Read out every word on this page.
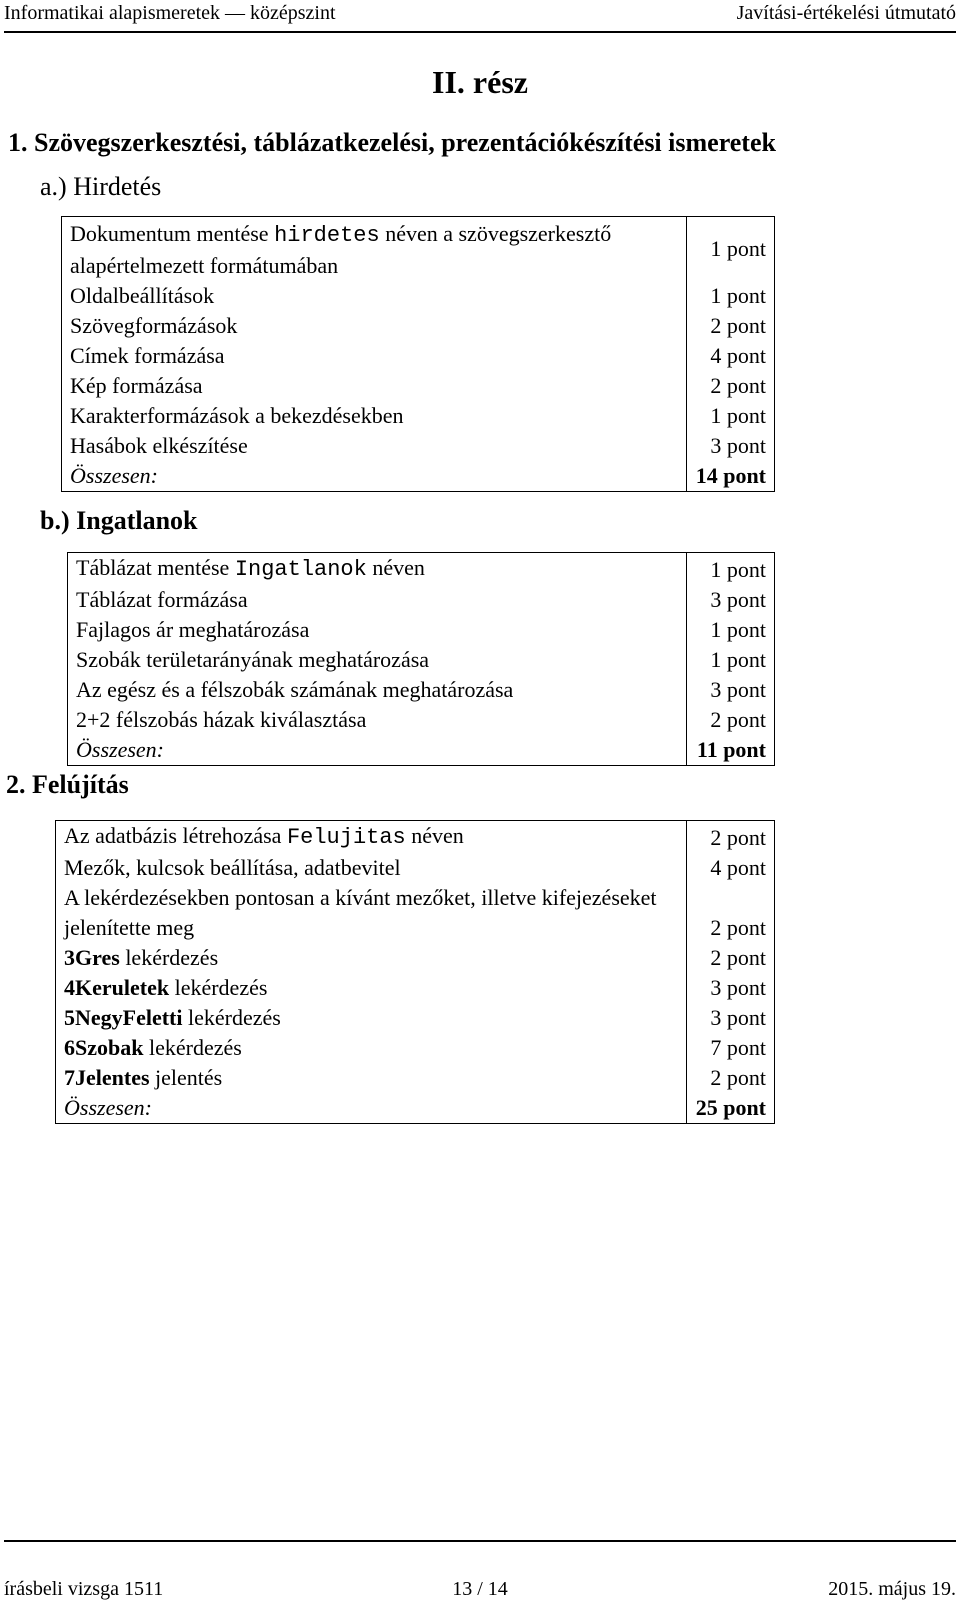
Informatikai alapismeretek — középszint	Javítási-értékelési útmutató
II. rész
1. Szövegszerkesztési, táblázatkezelési, prezentációkészítési ismeretek
a.) Hirdetés
Dokumentum mentése hirdetes néven a szövegszerkesztő alapértelmezett formátumában	1 pont
Oldalbeállítások	1 pont
Szövegformázások	2 pont
Címek formázása	4 pont
Kép formázása	2 pont
Karakterformázások a bekezdésekben	1 pont
Hasábok elkészítése	3 pont
Összesen:	14 pont
b.) Ingatlanok
Táblázat mentése Ingatlanok néven	1 pont
Táblázat formázása	3 pont
Fajlagos ár meghatározása	1 pont
Szobák területarányának meghatározása	1 pont
Az egész és a félszobák számának meghatározása	3 pont
2+2 félszobás házak kiválasztása	2 pont
Összesen:	11 pont
2. Felújítás
Az adatbázis létrehozása Felujitas néven	2 pont
Mezők, kulcsok beállítása, adatbevitel	4 pont
A lekérdezésekben pontosan a kívánt mezőket, illetve kifejezéseket jelenítette meg	2 pont
3Gres lekérdezés	2 pont
4Keruletek lekérdezés	3 pont
5NegyFeletti lekérdezés	3 pont
6Szobak lekérdezés	7 pont
7Jelentes jelentés	2 pont
Összesen:	25 pont
írásbeli vizsga 1511	13 / 14	2015. május 19.
